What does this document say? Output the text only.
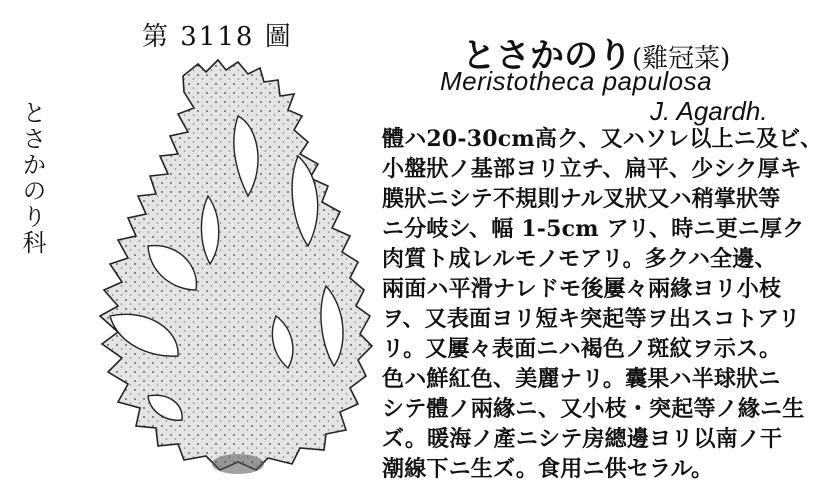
第 3118 圖
とさかのり科
とさかのり(雞冠菜)
Meristotheca papulosa
J. Agardh.
體ハ20-30cm高ク、又ハソレ以上ニ及ビ、
小盤狀ノ基部ヨリ立チ、扁平、少シク厚キ
膜狀ニシテ不規則ナル叉狀又ハ稍掌狀等
ニ分岐シ、幅 1-5cm アリ、時ニ更ニ厚ク
肉質ト成レルモノモアリ。多クハ全邊、
兩面ハ平滑ナレドモ後屢々兩緣ヨリ小枝
ヲ、又表面ヨリ短キ突起等ヲ出スコトアリ
リ。又屢々表面ニハ褐色ノ斑紋ヲ示ス。
色ハ鮮紅色、美麗ナリ。囊果ハ半球狀ニ
シテ體ノ兩緣ニ、又小枝・突起等ノ緣ニ生
ズ。暖海ノ產ニシテ房總邊ヨリ以南ノ干
潮線下ニ生ズ。食用ニ供セラル。
